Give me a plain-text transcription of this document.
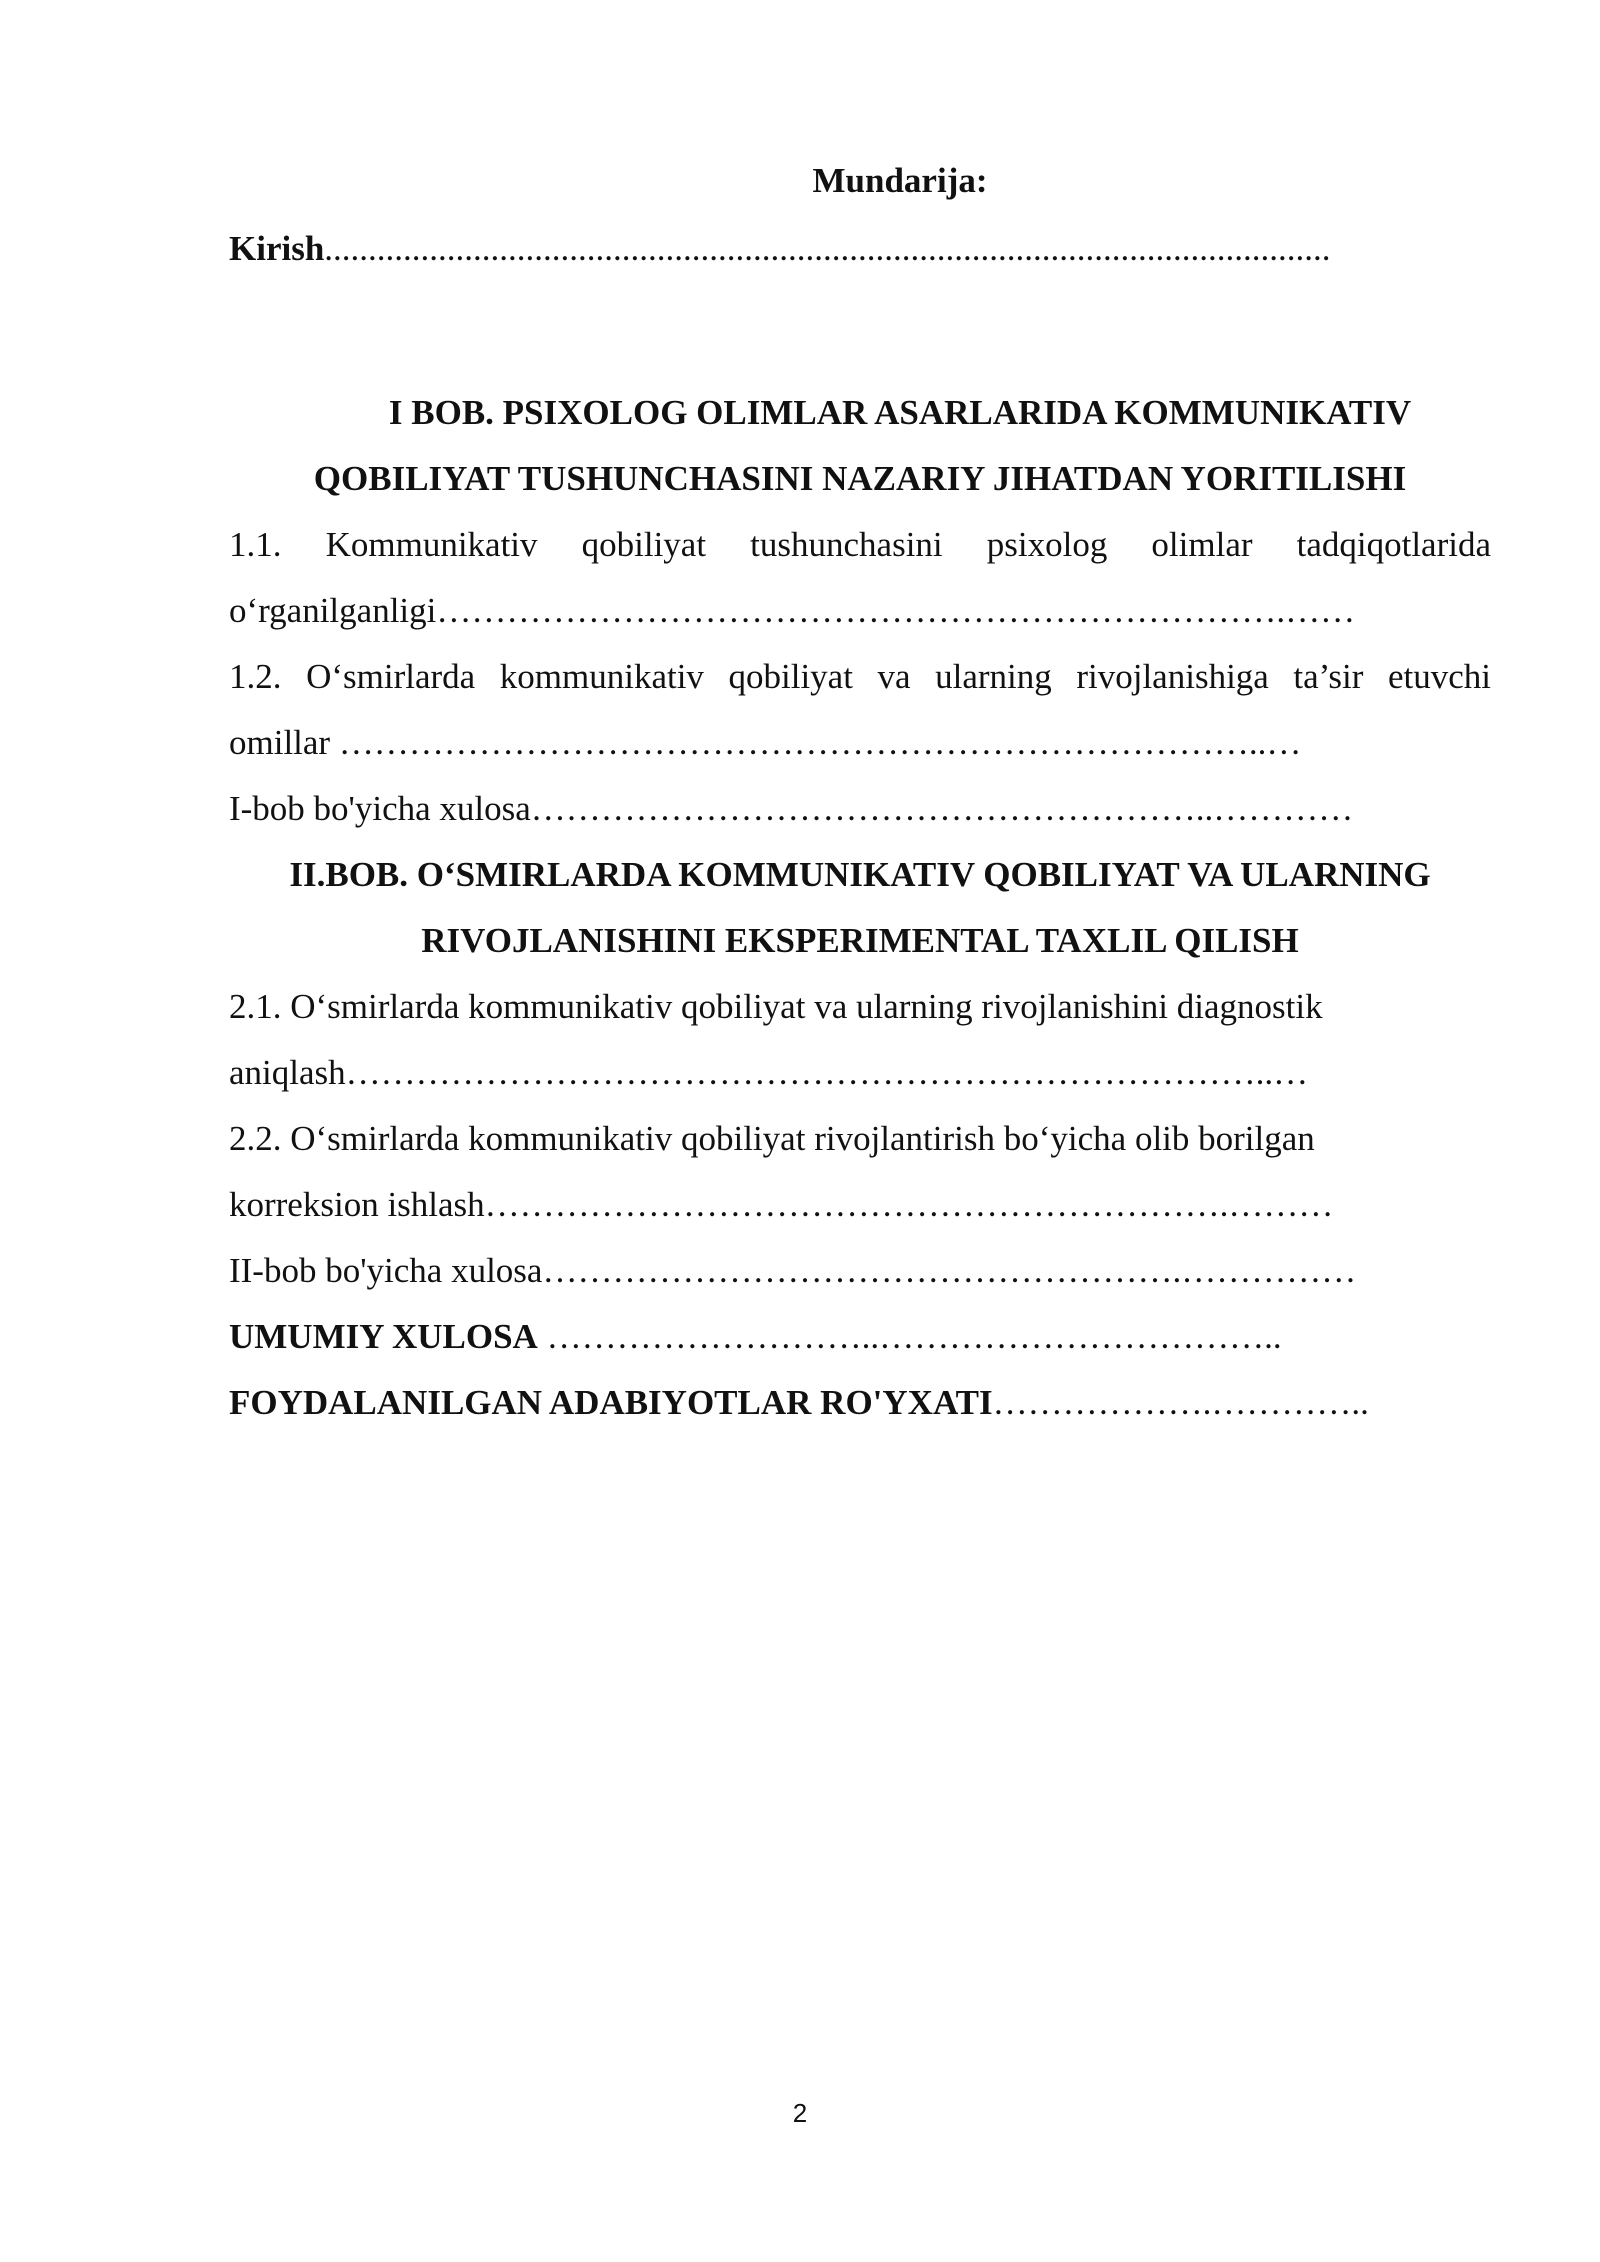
Mundarija:

Kirish...................................................................................................................

I BOB. PSIXOLOG OLIMLAR ASARLARIDA KOMMUNIKATIV
QOBILIYAT TUSHUNCHASINI NAZARIY JIHATDAN YORITILISHI

1.1. Kommunikativ qobiliyat tushunchasini psixolog olimlar tadqiqotlarida

o‘rganilganligi……………………………………………………………….……

1.2. O‘smirlarda kommunikativ qobiliyat va ularning rivojlanishiga ta’sir etuvchi

omillar ……………………………………………………………………..…

I-bob bo'yicha xulosa…………………………………………………..…………

II.BOB. O‘SMIRLARDA KOMMUNIKATIV QOBILIYAT VA ULARNING
RIVOJLANISHINI EKSPERIMENTAL TAXLIL QILISH

2.1. O‘smirlarda kommunikativ qobiliyat va ularning rivojlanishini diagnostik

aniqlash……………………………………………………………………..…

2.2. O‘smirlarda kommunikativ qobiliyat rivojlantirish bo‘yicha olib borilgan

korreksion ishlash……………………………………………………….………

II-bob bo'yicha xulosa……………………………………………….……………

UMUMIY XULOSA ………………………..……………………………..

FOYDALANILGAN ADABIYOTLAR RO'YXATI……………….…………..

2
